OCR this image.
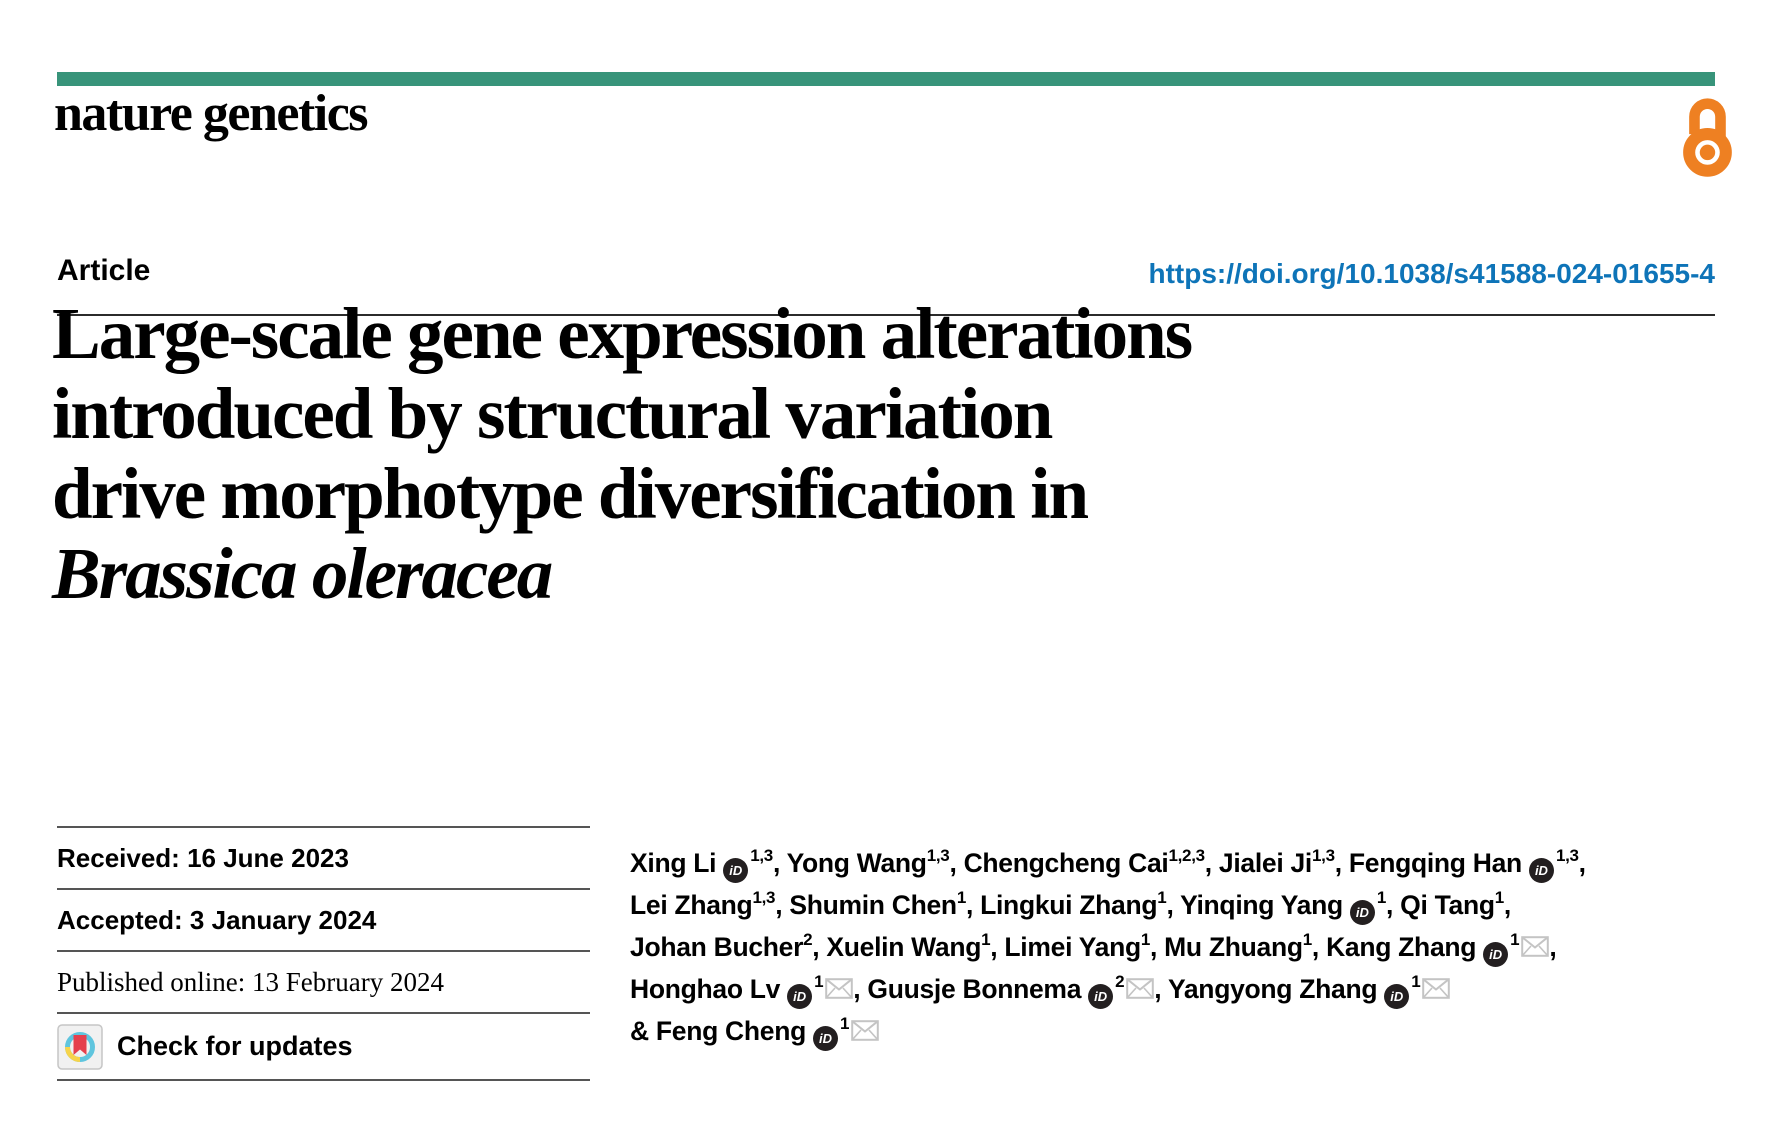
nature genetics
Article	https://doi.org/10.1038/s41588-024-01655-4
Large-scale gene expression alterations
introduced by structural variation
drive morphotype diversification in
Brassica oleracea
Received: 16 June 2023
Accepted: 3 January 2024
Published online: 13 February 2024
Check for updates
Xing Li iD$^{1,3}$, Yong Wang$^{1,3}$, Chengcheng Cai$^{1,2,3}$, Jialei Ji$^{1,3}$, Fengqing Han iD$^{1,3}$,
Lei Zhang$^{1,3}$, Shumin Chen$^1$, Lingkui Zhang$^1$, Yinqing Yang $iD^1$, Qi Tang$^1$,
Johan Bucher$^2$, Xuelin Wang$^1$, Limei Yang$^1$, Mu Zhuang$^1$, Kang Zhang $iD^1$ ,
Honghao Lv $iD^1$ , Guusje Bonnema $iD^2$ , Yangyong Zhang $iD^1$
& Feng Cheng $iD^1$
